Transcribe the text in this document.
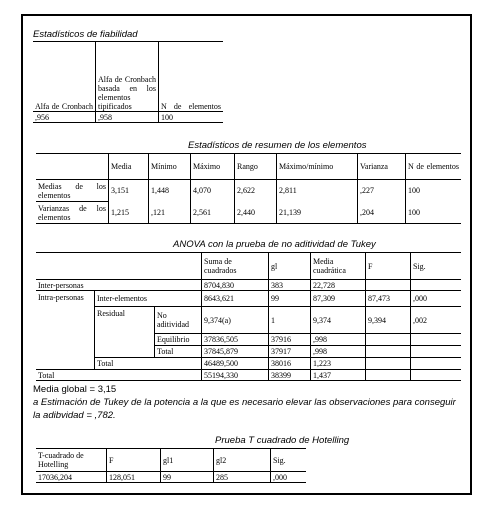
Estadísticos de fiabilidad
Alfa de Cronbach	Alfa de Cronbach basada en los elementos tipificados	N de elementos
,956	,958	100
Estadísticos de resumen de los elementos
	Media	Mínimo	Máximo	Rango	Máximo/mínimo	Varianza	N de elementos
Medias de los elementos	3,151	1,448	4,070	2,622	2,811	,227	100
Varianzas de los elementos	1,215	,121	2,561	2,440	21,139	,204	100
ANOVA con la prueba de no aditividad de Tukey
			Suma de cuadrados	gl	Media cuadrática	F	Sig.
Inter-personas			8704,830	383	22,728		
Intra-personas	Inter-elementos		8643,621	99	87,309	87,473	,000
	Residual	No aditividad	9,374(a)	1	9,374	9,394	,002
		Equilibrio	37836,505	37916	,998		
		Total	37845,879	37917	,998		
	Total		46489,500	38016	1,223		
Total			55194,330	38399	1,437		
Media global = 3,15
a Estimación de Tukey de la potencia a la que es necesario elevar las observaciones para conseguir la adibvidad = ,782.
Prueba T cuadrado de Hotelling
T-cuadrado de Hotelling	F	gl1	gl2	Sig.
17036,204	128,051	99	285	,000
